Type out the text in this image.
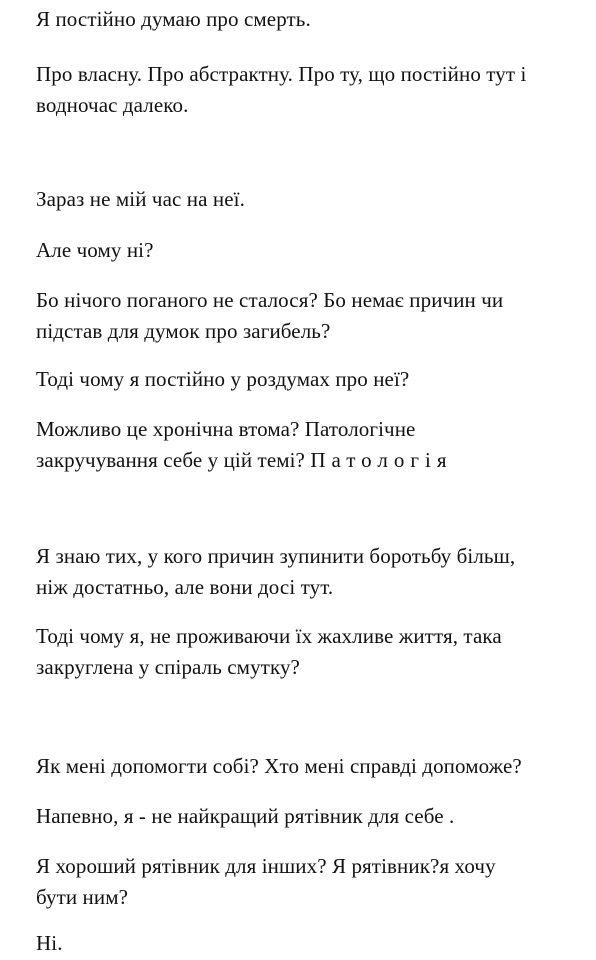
Я постійно думаю про смерть.

Про власну. Про абстрактну. Про ту, що постійно тут і
водночас далеко.

Зараз не мій час на неї.

Але чому ні?

Бо нічого поганого не сталося? Бо немає причин чи
підстав для думок про загибель?

Тоді чому я постійно у роздумах про неї?

Можливо це хронічна втома? Патологічне
закручування себе у цій темі? Патологія

Я знаю тих, у кого причин зупинити боротьбу більш,
ніж достатньо, але вони досі тут.

Тоді чому я, не проживаючи їх жахливе життя, така
закруглена у спіраль смутку?

Як мені допомогти собі? Хто мені справді допоможе?

Напевно, я - не найкращий рятівник для себе .

Я хороший рятівник для інших? Я рятівник?я хочу
бути ним?

Ні.
